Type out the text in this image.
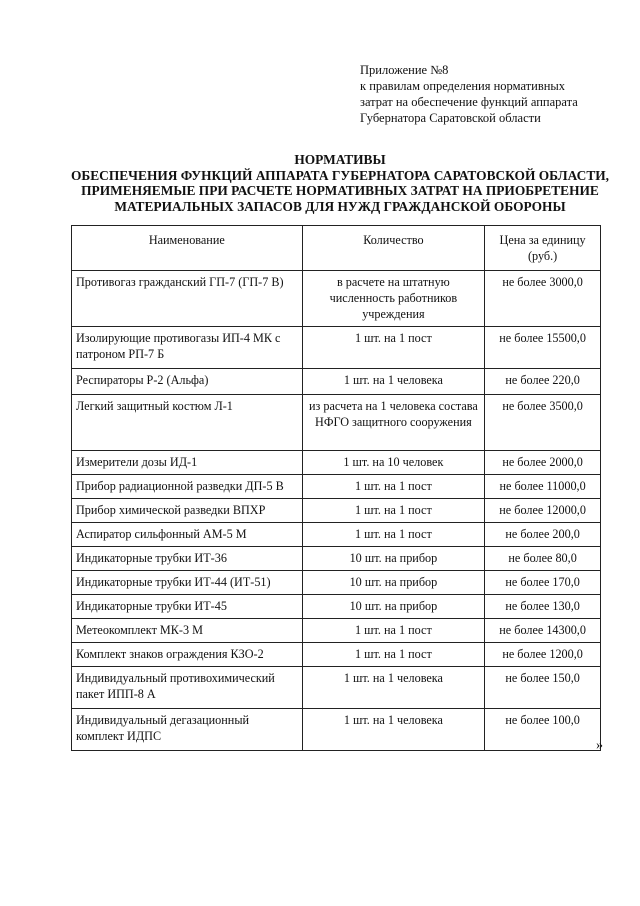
Приложение №8
к правилам определения нормативных
затрат на обеспечение функций аппарата
Губернатора Саратовской области
НОРМАТИВЫ
ОБЕСПЕЧЕНИЯ ФУНКЦИЙ АППАРАТА ГУБЕРНАТОРА САРАТОВСКОЙ ОБЛАСТИ,
ПРИМЕНЯЕМЫЕ ПРИ РАСЧЕТЕ НОРМАТИВНЫХ ЗАТРАТ НА ПРИОБРЕТЕНИЕ
МАТЕРИАЛЬНЫХ ЗАПАСОВ ДЛЯ НУЖД ГРАЖДАНСКОЙ ОБОРОНЫ
Наименование	Количество	Цена за единицу (руб.)
Противогаз гражданский ГП-7 (ГП-7 В)	в расчете на штатную численность работников учреждения	не более 3000,0
Изолирующие противогазы ИП-4 МК с патроном РП-7 Б	1 шт. на 1 пост	не более 15500,0
Респираторы Р-2 (Альфа)	1 шт. на 1 человека	не более 220,0
Легкий защитный костюм Л-1	из расчета на 1 человека состава НФГО защитного сооружения	не более 3500,0
Измерители дозы ИД-1	1 шт. на 10 человек	не более 2000,0
Прибор радиационной разведки ДП-5 В	1 шт. на 1 пост	не более 11000,0
Прибор химической разведки ВПХР	1 шт. на 1 пост	не более 12000,0
Аспиратор сильфонный АМ-5 М	1 шт. на 1 пост	не более 200,0
Индикаторные трубки ИТ-36	10 шт. на прибор	не более 80,0
Индикаторные трубки ИТ-44 (ИТ-51)	10 шт. на прибор	не более 170,0
Индикаторные трубки ИТ-45	10 шт. на прибор	не более 130,0
Метеокомплект МК-3 М	1 шт. на 1 пост	не более 14300,0
Комплект знаков ограждения КЗО-2	1 шт. на 1 пост	не более 1200,0
Индивидуальный противохимический пакет ИПП-8 А	1 шт. на 1 человека	не более 150,0
Индивидуальный дегазационный комплект ИДПС	1 шт. на 1 человека	не более 100,0
»
